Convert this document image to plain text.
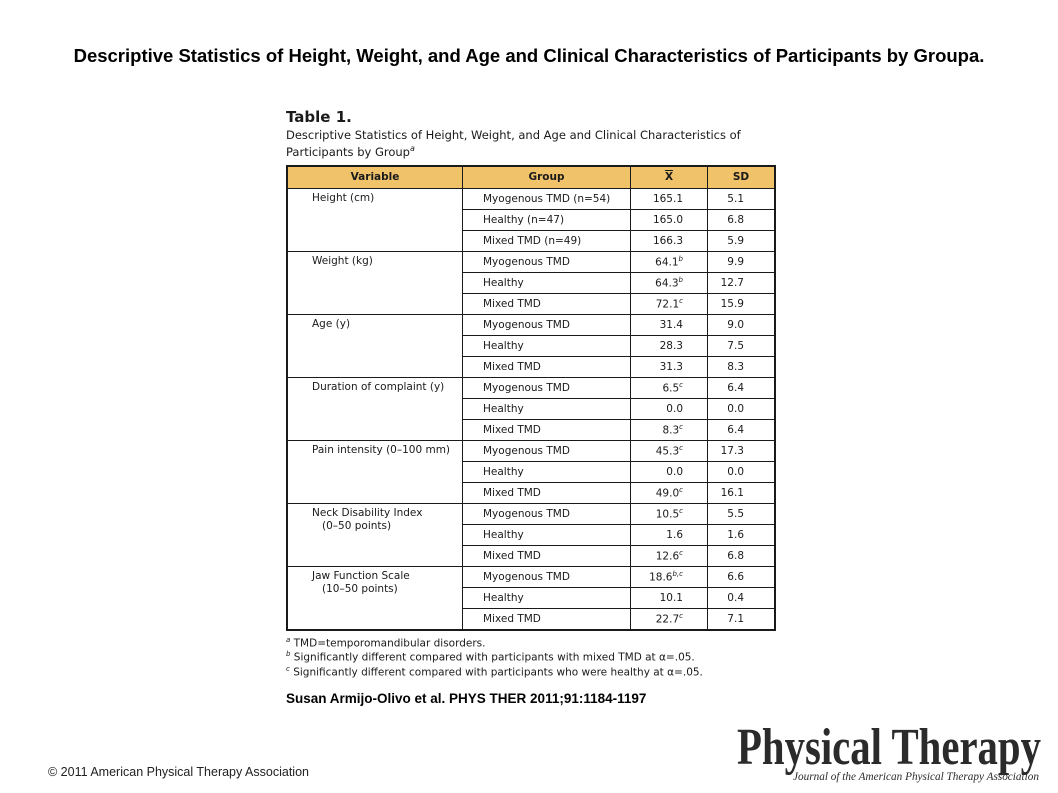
Descriptive Statistics of Height, Weight, and Age and Clinical Characteristics of Participants by Groupa.
Table 1.
Descriptive Statistics of Height, Weight, and Age and Clinical Characteristics of Participants by Group$^a$
Variable	Group	$\overline{X}$	SD
Height (cm)	Myogenous TMD (n=54)	165.1	5.1
	Healthy (n=47)	165.0	6.8
	Mixed TMD (n=49)	166.3	5.9
Weight (kg)	Myogenous TMD	64.1$^b$	9.9
	Healthy	64.3$^b$	12.7
	Mixed TMD	72.1$^c$	15.9
Age (y)	Myogenous TMD	31.4	9.0
	Healthy	28.3	7.5
	Mixed TMD	31.3	8.3
Duration of complaint (y)	Myogenous TMD	6.5$^c$	6.4
	Healthy	0.0	0.0
	Mixed TMD	8.3$^c$	6.4
Pain intensity (0–100 mm)	Myogenous TMD	45.3$^c$	17.3
	Healthy	0.0	0.0
	Mixed TMD	49.0$^c$	16.1
Neck Disability Index
(0–50 points)	Myogenous TMD	10.5$^c$	5.5
	Healthy	1.6	1.6
	Mixed TMD	12.6$^c$	6.8
Jaw Function Scale
(10–50 points)	Myogenous TMD	18.6$^{b,c}$	6.6
	Healthy	10.1	0.4
	Mixed TMD	22.7$^c$	7.1
$^a$ TMD=temporomandibular disorders.
$^b$ Significantly different compared with participants with mixed TMD at α=.05.
$^c$ Significantly different compared with participants who were healthy at α=.05.
Susan Armijo-Olivo et al. PHYS THER 2011;91:1184-1197
© 2011 American Physical Therapy Association	Physical Therapy
Journal of the American Physical Therapy Association
